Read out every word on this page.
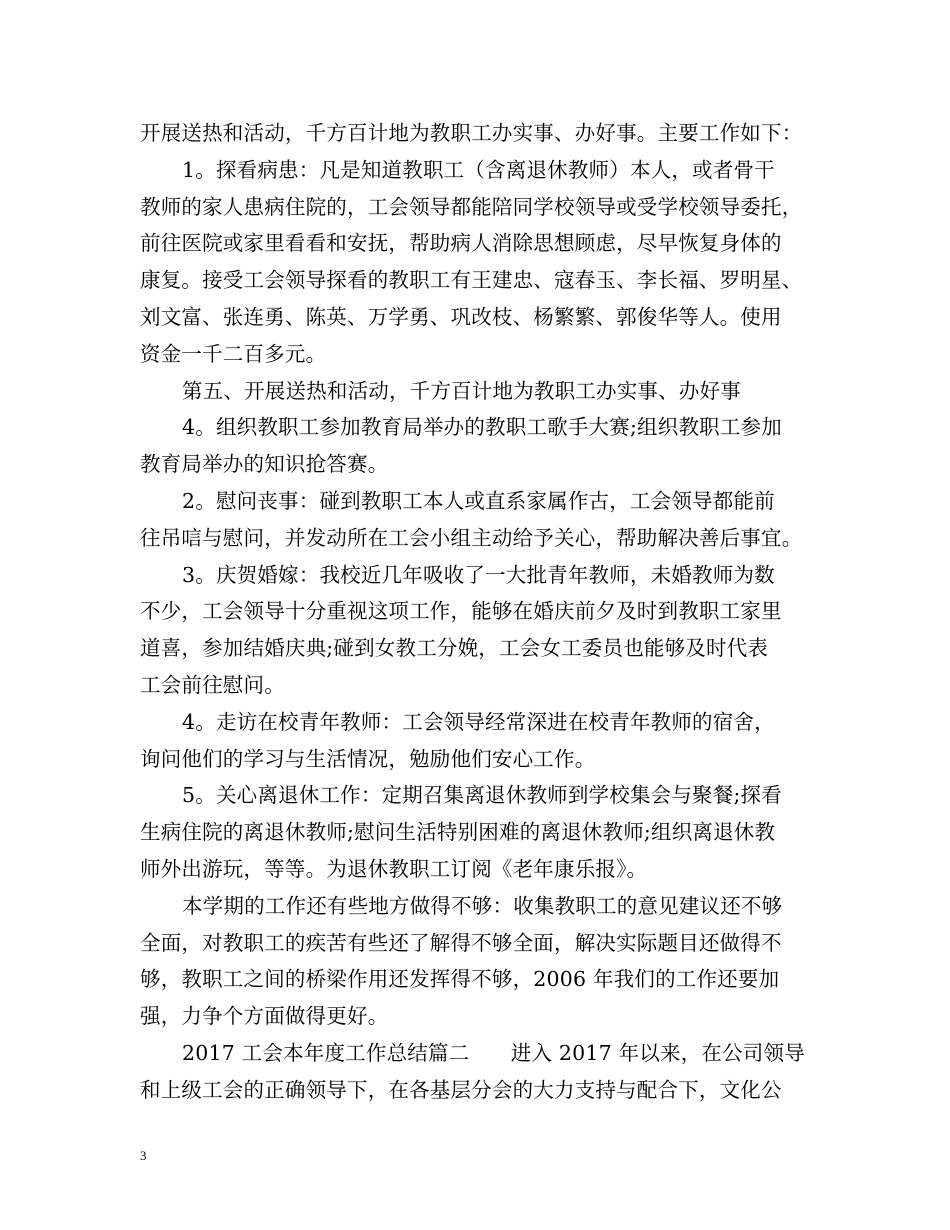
开展送热和活动，千方百计地为教职工办实事、办好事。主要工作如下：
1。探看病患：凡是知道教职工（含离退休教师）本人，或者骨干
教师的家人患病住院的，工会领导都能陪同学校领导或受学校领导委托，
前往医院或家里看看和安抚，帮助病人消除思想顾虑，尽早恢复身体的
康复。接受工会领导探看的教职工有王建忠、寇春玉、李长福、罗明星、
刘文富、张连勇、陈英、万学勇、巩改枝、杨繁繁、郭俊华等人。使用
资金一千二百多元。
第五、开展送热和活动，千方百计地为教职工办实事、办好事
4。组织教职工参加教育局举办的教职工歌手大赛;组织教职工参加
教育局举办的知识抢答赛。
2。慰问丧事：碰到教职工本人或直系家属作古，工会领导都能前
往吊唁与慰问，并发动所在工会小组主动给予关心，帮助解决善后事宜。
3。庆贺婚嫁：我校近几年吸收了一大批青年教师，未婚教师为数
不少，工会领导十分重视这项工作，能够在婚庆前夕及时到教职工家里
道喜，参加结婚庆典;碰到女教工分娩，工会女工委员也能够及时代表
工会前往慰问。
4。走访在校青年教师：工会领导经常深进在校青年教师的宿舍，
询问他们的学习与生活情况，勉励他们安心工作。
5。关心离退休工作：定期召集离退休教师到学校集会与聚餐;探看
生病住院的离退休教师;慰问生活特别困难的离退休教师;组织离退休教
师外出游玩，等等。为退休教职工订阅《老年康乐报》。
本学期的工作还有些地方做得不够：收集教职工的意见建议还不够
全面，对教职工的疾苦有些还了解得不够全面，解决实际题目还做得不
够，教职工之间的桥梁作用还发挥得不够，2006 年我们的工作还要加
强，力争个方面做得更好。
2017 工会本年度工作总结篇二　　进入 2017 年以来，在公司领导
和上级工会的正确领导下，在各基层分会的大力支持与配合下，文化公
3
